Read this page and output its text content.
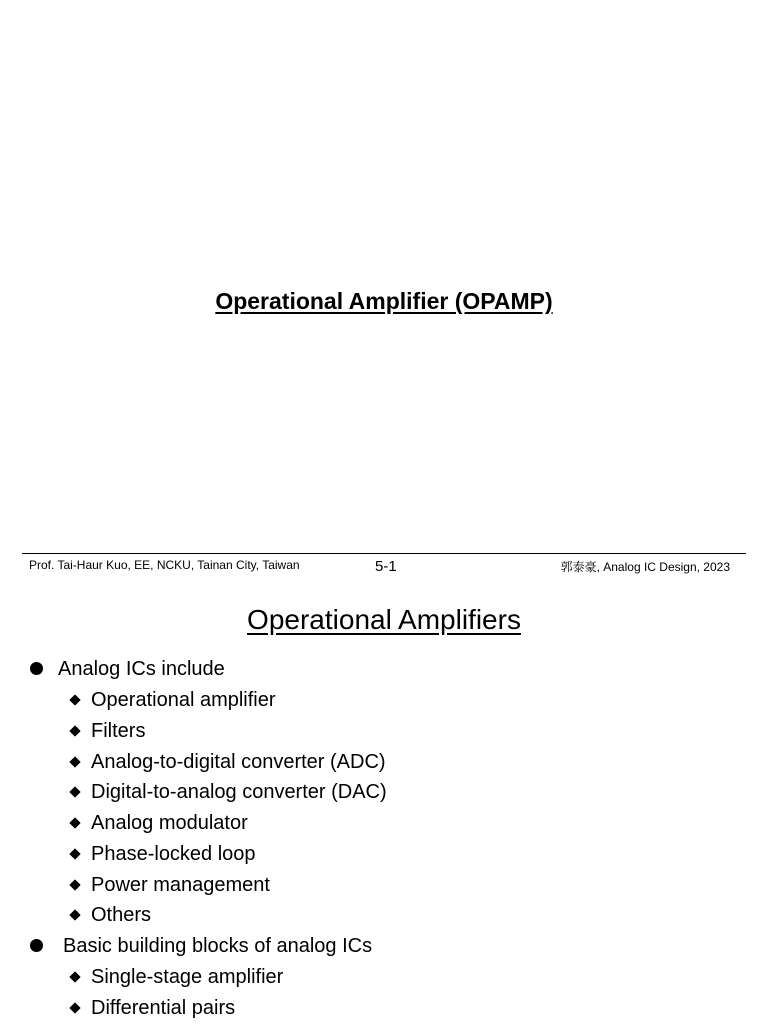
Operational Amplifier (OPAMP)
Prof. Tai-Haur Kuo, EE, NCKU, Tainan City, Taiwan	5-1	郭泰豪, Analog IC Design, 2023
Operational Amplifiers
Analog ICs include
Operational amplifier
Filters
Analog-to-digital converter (ADC)
Digital-to-analog converter (DAC)
Analog modulator
Phase-locked loop
Power management
Others
Basic building blocks of analog ICs
Single-stage amplifier
Differential pairs
